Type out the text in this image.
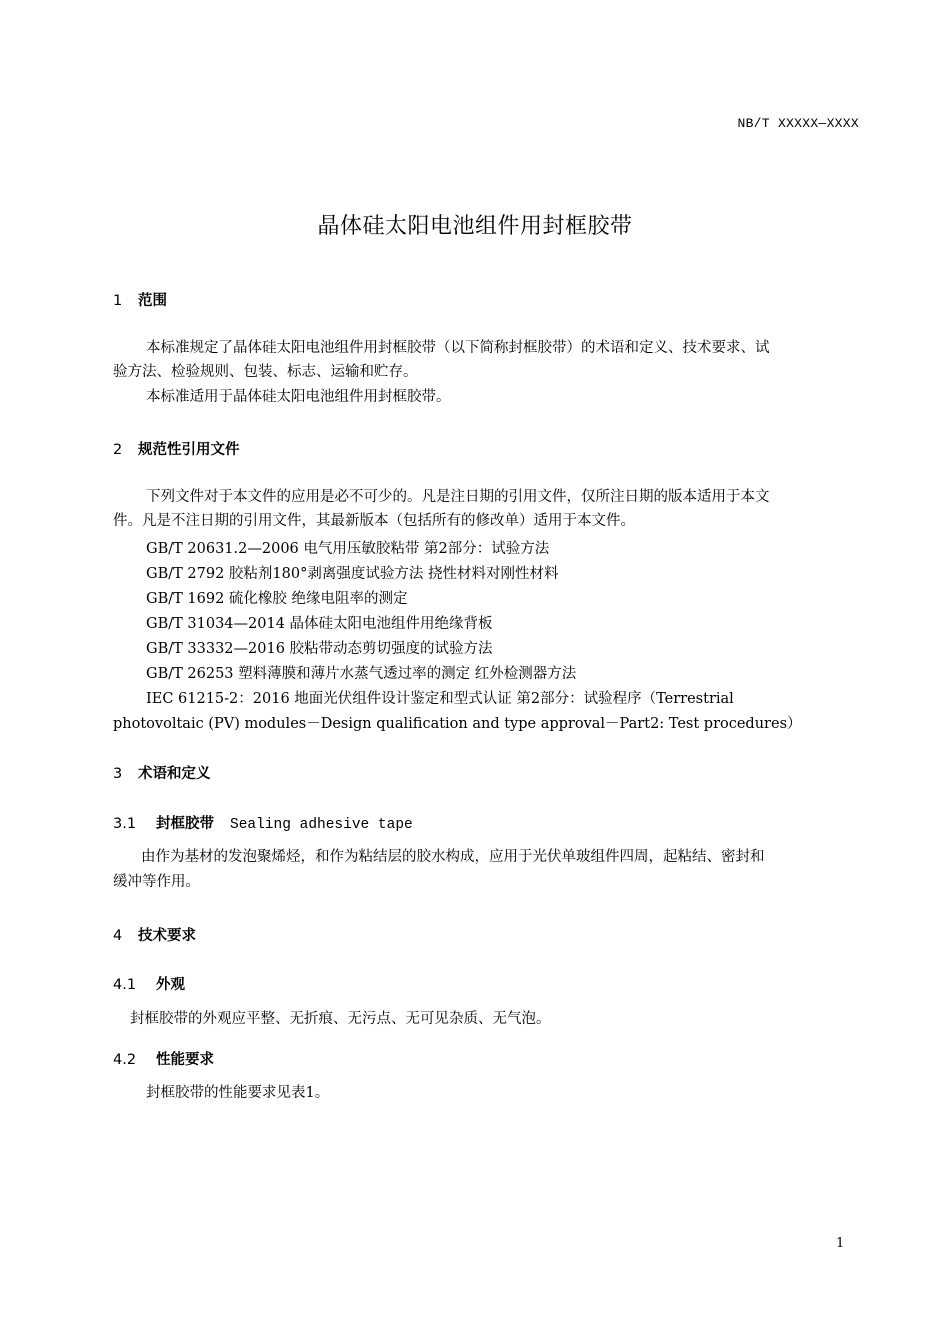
NB/T XXXXX—XXXX
晶体硅太阳电池组件用封框胶带
1 范围
本标准规定了晶体硅太阳电池组件用封框胶带（以下简称封框胶带）的术语和定义、技术要求、试
验方法、检验规则、包装、标志、运输和贮存。
本标准适用于晶体硅太阳电池组件用封框胶带。
2 规范性引用文件
下列文件对于本文件的应用是必不可少的。凡是注日期的引用文件，仅所注日期的版本适用于本文
件。凡是不注日期的引用文件，其最新版本（包括所有的修改单）适用于本文件。
GB/T 20631.2—2006 电气用压敏胶粘带 第2部分：试验方法
GB/T 2792 胶粘剂180°剥离强度试验方法 挠性材料对刚性材料
GB/T 1692 硫化橡胶 绝缘电阻率的测定
GB/T 31034—2014 晶体硅太阳电池组件用绝缘背板
GB/T 33332—2016 胶粘带动态剪切强度的试验方法
GB/T 26253 塑料薄膜和薄片水蒸气透过率的测定 红外检测器方法
IEC 61215-2：2016 地面光伏组件设计鉴定和型式认证 第2部分：试验程序（Terrestrial
photovoltaic (PV) modules－Design qualification and type approval－Part2: Test procedures）
3 术语和定义
3.1 封框胶带 Sealing adhesive tape
由作为基材的发泡聚烯烃，和作为粘结层的胶水构成，应用于光伏单玻组件四周，起粘结、密封和
缓冲等作用。
4 技术要求
4.1 外观
封框胶带的外观应平整、无折痕、无污点、无可见杂质、无气泡。
4.2 性能要求
封框胶带的性能要求见表1。
1
